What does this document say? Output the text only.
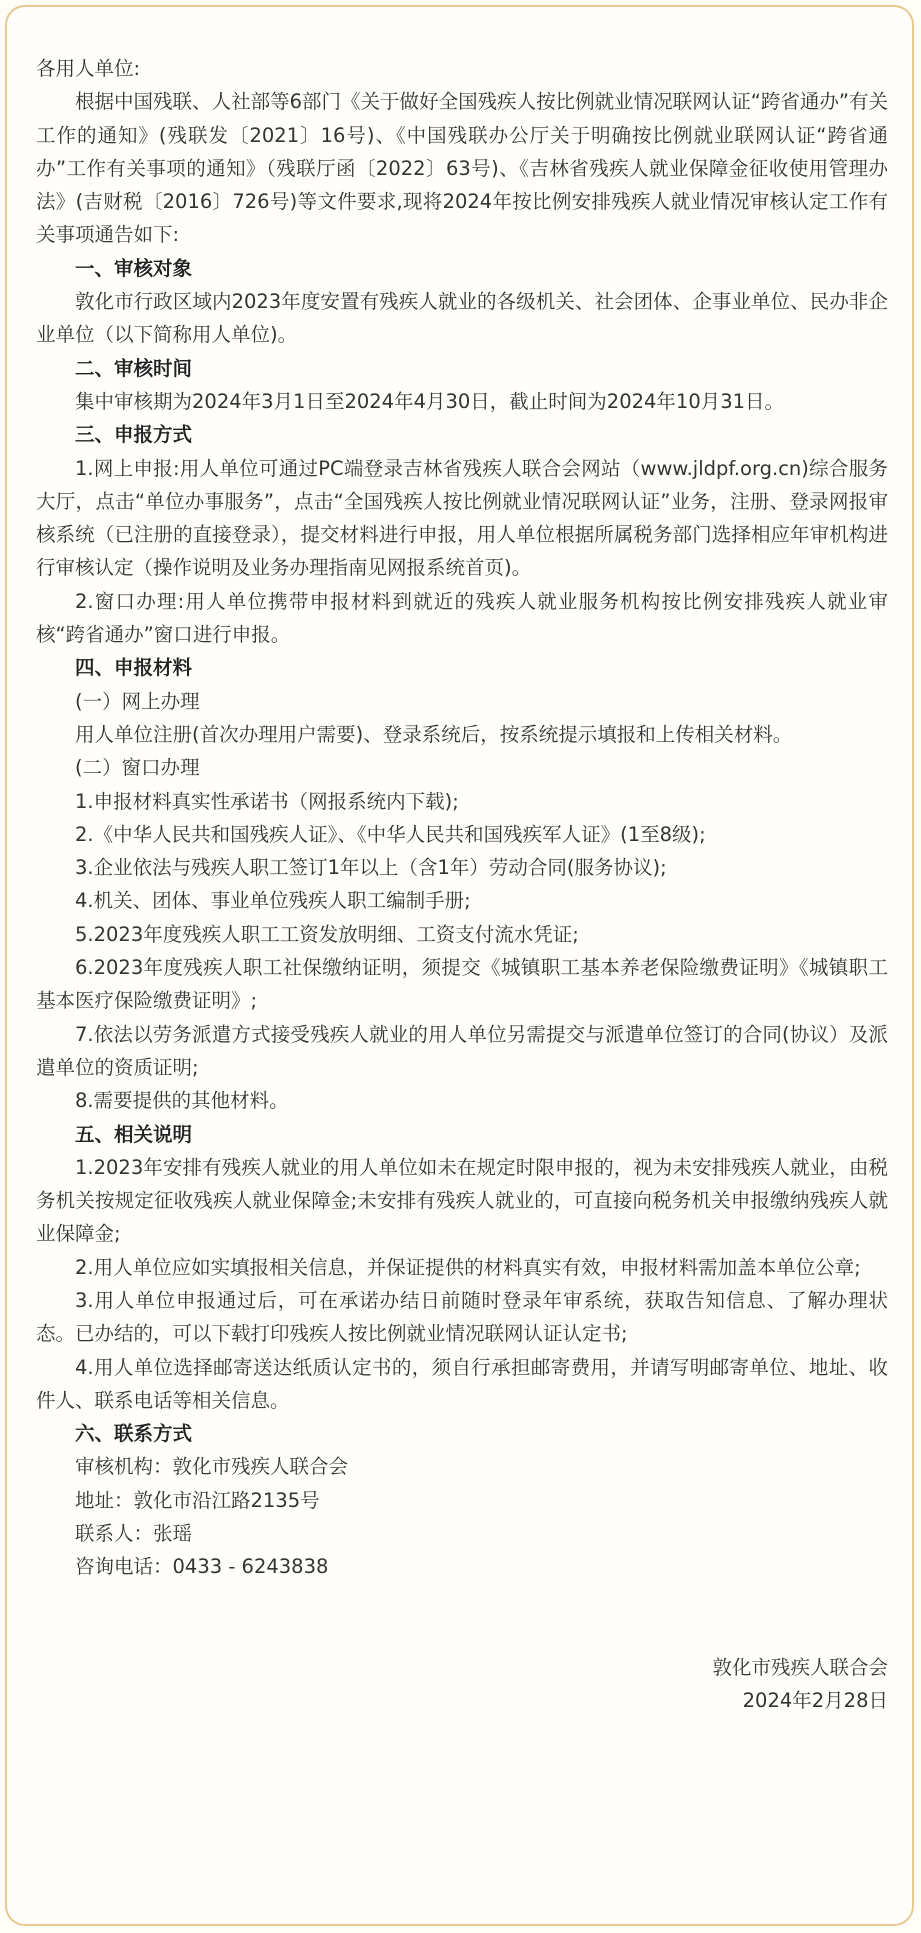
各用人单位:

根据中国残联、人社部等6部门《关于做好全国残疾人按比例就业情况联网认证“跨省通办”有关工作的通知》(残联发〔2021〕16号)、《中国残联办公厅关于明确按比例就业联网认证“跨省通办”工作有关事项的通知》（残联厅函〔2022〕63号)、《吉林省残疾人就业保障金征收使用管理办法》(吉财税〔2016〕726号)等文件要求,现将2024年按比例安排残疾人就业情况审核认定工作有关事项通告如下:

一、审核对象

敦化市行政区域内2023年度安置有残疾人就业的各级机关、社会团体、企事业单位、民办非企业单位（以下简称用人单位)。

二、审核时间

集中审核期为2024年3月1日至2024年4月30日，截止时间为2024年10月31日。

三、申报方式

1.网上申报:用人单位可通过PC端登录吉林省残疾人联合会网站（www.jldpf.org.cn)综合服务大厅，点击“单位办事服务”，点击“全国残疾人按比例就业情况联网认证”业务，注册、登录网报审核系统（已注册的直接登录），提交材料进行申报，用人单位根据所属税务部门选择相应年审机构进行审核认定（操作说明及业务办理指南见网报系统首页)。

2.窗口办理:用人单位携带申报材料到就近的残疾人就业服务机构按比例安排残疾人就业审核“跨省通办”窗口进行申报。

四、申报材料

(一）网上办理

用人单位注册(首次办理用户需要)、登录系统后，按系统提示填报和上传相关材料。

(二）窗口办理

1.申报材料真实性承诺书（网报系统内下载);

2.《中华人民共和国残疾人证》、《中华人民共和国残疾军人证》(1至8级);

3.企业依法与残疾人职工签订1年以上（含1年）劳动合同(服务协议);

4.机关、团体、事业单位残疾人职工编制手册;

5.2023年度残疾人职工工资发放明细、工资支付流水凭证;

6.2023年度残疾人职工社保缴纳证明，须提交《城镇职工基本养老保险缴费证明》《城镇职工基本医疗保险缴费证明》;

7.依法以劳务派遣方式接受残疾人就业的用人单位另需提交与派遣单位签订的合同(协议）及派遣单位的资质证明;

8.需要提供的其他材料。

五、相关说明

1.2023年安排有残疾人就业的用人单位如未在规定时限申报的，视为未安排残疾人就业，由税务机关按规定征收残疾人就业保障金;未安排有残疾人就业的，可直接向税务机关申报缴纳残疾人就业保障金;

2.用人单位应如实填报相关信息，并保证提供的材料真实有效，申报材料需加盖本单位公章;

3.用人单位申报通过后，可在承诺办结日前随时登录年审系统，获取告知信息、了解办理状态。已办结的，可以下载打印残疾人按比例就业情况联网认证认定书;

4.用人单位选择邮寄送达纸质认定书的，须自行承担邮寄费用，并请写明邮寄单位、地址、收件人、联系电话等相关信息。

六、联系方式

审核机构：敦化市残疾人联合会

地址：敦化市沿江路2135号

联系人：张瑶

咨询电话：0433 - 6243838

敦化市残疾人联合会

2024年2月28日
